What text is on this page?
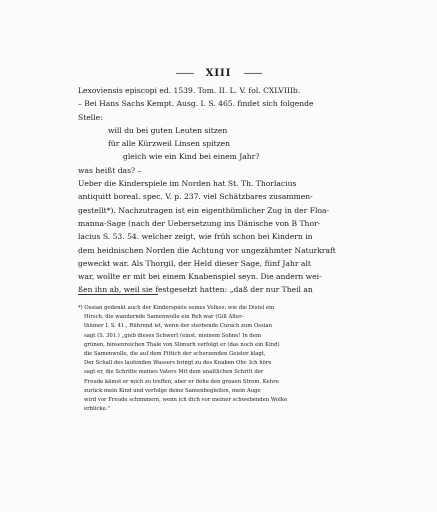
—— XIII ——
Lexoviensis episcopi ed. 1539. Tom. II. L. V. fol. CXLVIIIb.
– Bei Hans Sachs Kempt. Ausg. I. S. 465. findet sich folgende
Stelle:
will du bei guten Leuten sitzen
für alle Kürzweil Linsen spitzen
gleich wie ein Kind bei einem Jahr?
was heißt das? –
Ueber die Kinderspiele im Norden hat St. Th. Thorlacius
antiquitt boreal. spec. V. p. 237. viel Schätzbares zusammen-
gestellt*). Nachzutragen ist ein eigenthümlicher Zug in der Floa-
manna-Sage (nach der Uebersetzung ins Dänische von B Thor-
lacius S. 53. 54. welcher zeigt, wie früh schon bei Kindern in
dem heidnischen Norden die Achtung vor ungezähmter Naturkraft
geweckt war. Als Thorgil, der Held dieser Sage, fünf Jahr alt
war, wollte er mit bei einem Knabenspiel seyn. Die andern wei-
ßen ihn ab, weil sie festgesetzt hatten: „daß der nur Theil an
*) Ossian gedenkt auch der Kinderspiele seines Volkes: wie die Distel ein
Hirsch, die wandernde Samenwolle ein Reh war (Gill Alter-
thümer I. S. 41., Rührend ist, wenn der sterbende Curach zum Ossian
sagt (S. 301.) „gieb dieses Schwert (einst, meinem Sohne! In dem
grünen, binsenreichen Thale von Slimurh verfolgt er (das noch ein Kind)
die Samenwolle, die auf dem Fittich der scherzenden Geister klagt,
Der Schall des laufenden Wassers bringt zu des Knaben Ohr. Ich höre
sagt er, die Schritte meines Vaters Mit dem unaltlichen Schritt der
Freude kämst er mich zu treffen, aber er fiehe den grauen Strom. Kehre
zurück mein Kind und verfolge deine Samenbegleiten, mein Auge
wird vor Freude schimmern, wenn ich dich vor meiner schwebenden Wolke
erblicke."
